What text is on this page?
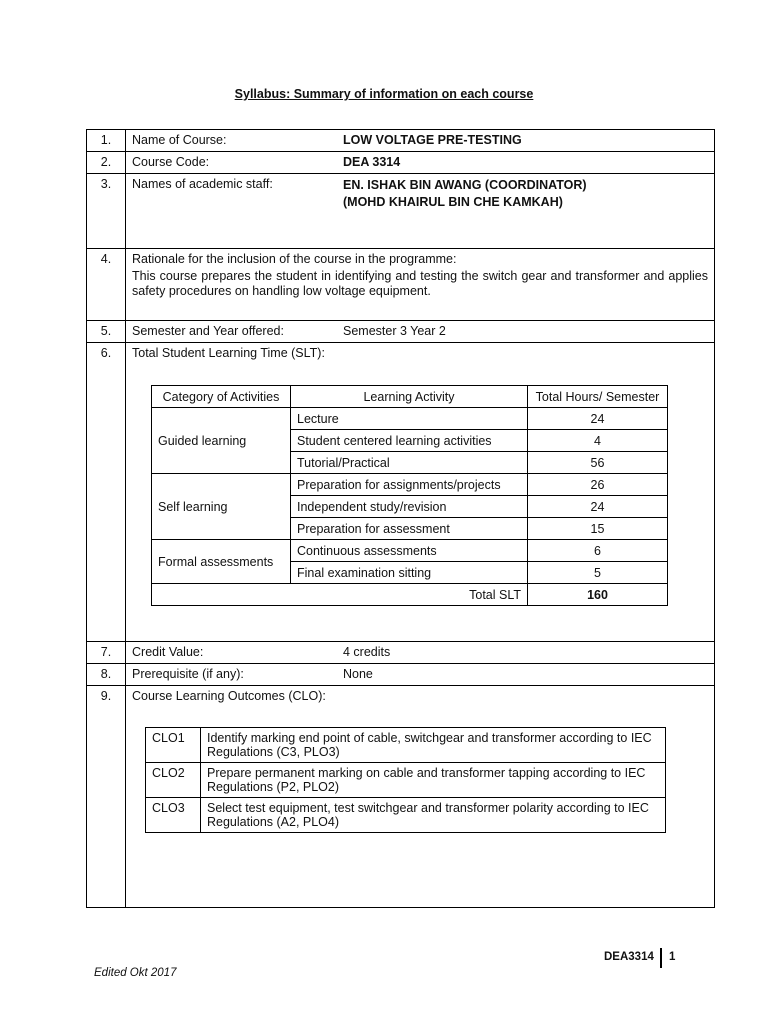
Syllabus: Summary of information on each course
1.	Name of Course:	LOW VOLTAGE PRE-TESTING

2.	Course Code:	DEA 3314

3.	Names of academic staff:	EN. ISHAK BIN AWANG (COORDINATOR)
(MOHD KHAIRUL BIN CHE KAMKAH)

4.	Rationale for the inclusion of the course in the programme:
This course prepares the student in identifying and testing the switch gear and transformer and applies safety procedures on handling low voltage equipment.

5.	Semester and Year offered:	Semester 3 Year 2

6.	Total Student Learning Time (SLT):
Category of Activities	Learning Activity	Total Hours/ Semester
Guided learning	Lecture	24
Student centered learning activities	4
Tutorial/Practical	56
Self learning	Preparation for assignments/projects	26
Independent study/revision	24
Preparation for assessment	15
Formal assessments	Continuous assessments	6
Final examination sitting	5
Total SLT	160

7.	Credit Value:	4 credits

8.	Prerequisite (if any):	None

9.	Course Learning Outcomes (CLO):
CLO1	Identify marking end point of cable, switchgear and transformer according to IEC Regulations (C3, PLO3)
CLO2	Prepare permanent marking on cable and transformer tapping according to IEC Regulations (P2, PLO2)
CLO3	Select test equipment, test switchgear and transformer polarity according to IEC Regulations (A2, PLO4)
DEA3314 1
Edited Okt 2017
